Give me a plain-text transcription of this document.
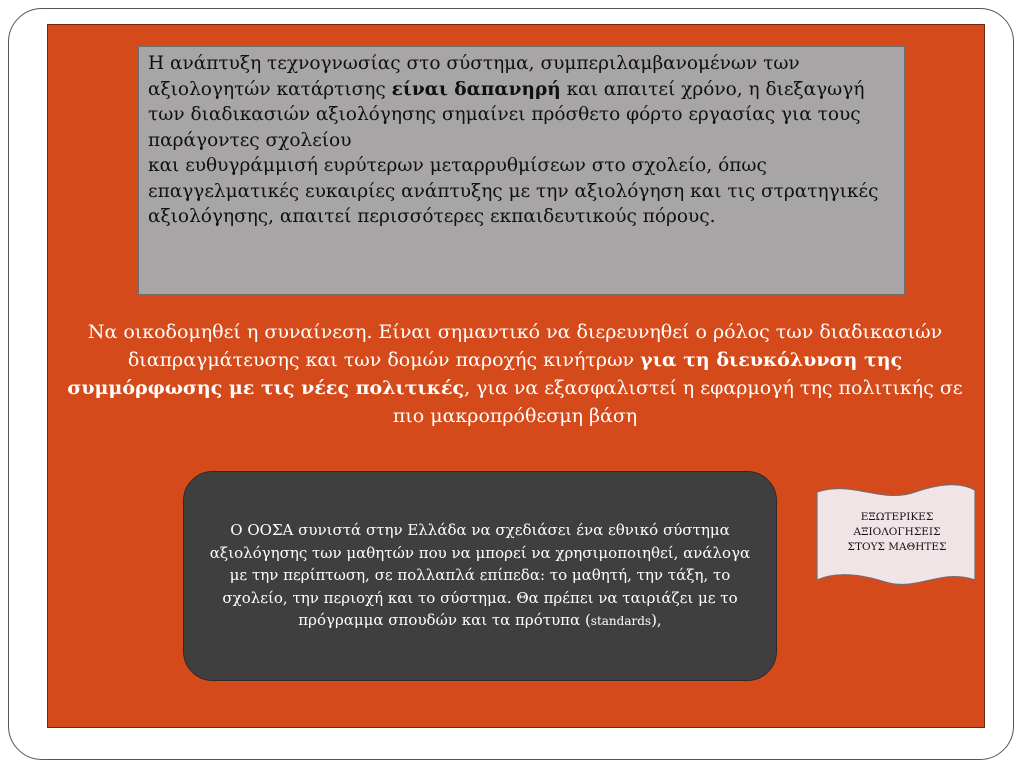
Η ανάπτυξη τεχνογνωσίας στο σύστημα, συμπεριλαμβανομένων των αξιολογητών κατάρτισης είναι δαπανηρή και απαιτεί χρόνο, η διεξαγωγή των διαδικασιών αξιολόγησης σημαίνει πρόσθετο φόρτο εργασίας για τους παράγοντες σχολείου

και ευθυγράμμισή ευρύτερων μεταρρυθμίσεων στο σχολείο, όπως επαγγελματικές ευκαιρίες ανάπτυξης με την αξιολόγηση και τις στρατηγικές αξιολόγησης, απαιτεί περισσότερες εκπαιδευτικούς πόρους.

Να οικοδομηθεί η συναίνεση. Είναι σημαντικό να διερευνηθεί ο ρόλος των διαδικασιών διαπραγμάτευσης και των δομών παροχής κινήτρων για τη διευκόλυνση της συμμόρφωσης με τις νέες πολιτικές, για να εξασφαλιστεί η εφαρμογή της πολιτικής σε πιο μακροπρόθεσμη βάση

Ο ΟΟΣΑ συνιστά στην Ελλάδα να σχεδιάσει ένα εθνικό σύστημα αξιολόγησης των μαθητών που να μπορεί να χρησιμοποιηθεί, ανάλογα με την περίπτωση, σε πολλαπλά επίπεδα: το μαθητή, την τάξη, το σχολείο, την περιοχή και το σύστημα. Θα πρέπει να ταιριάζει με το πρόγραμμα σπουδών και τα πρότυπα (standards),

ΕΞΩΤΕΡΙΚΕΣ
ΑΞΙΟΛΟΓΗΣΕΙΣ
ΣΤΟΥΣ ΜΑΘΗΤΕΣ
